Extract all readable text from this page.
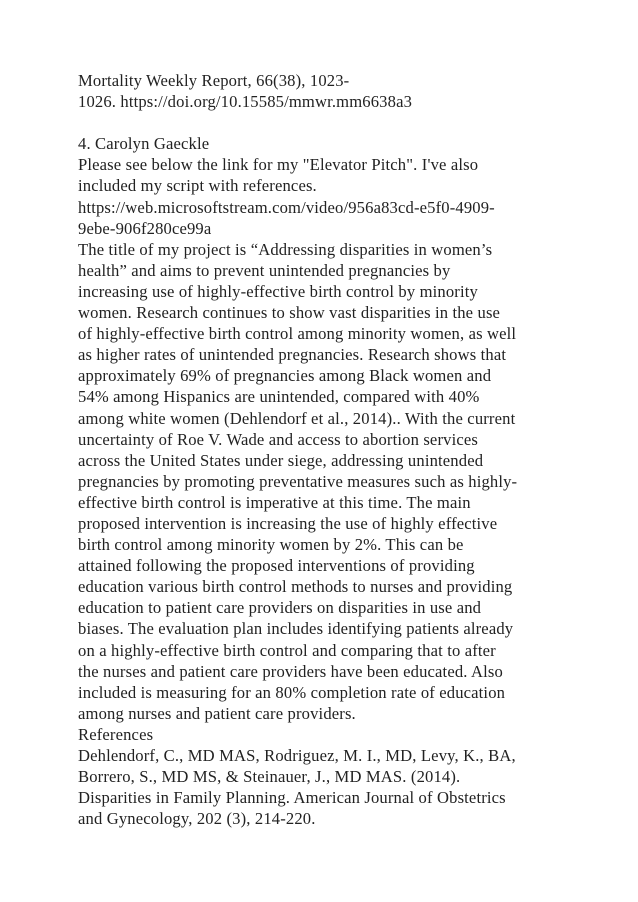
Mortality Weekly Report, 66(38), 1023-
1026. https://doi.org/10.15585/mmwr.mm6638a3
4. Carolyn Gaeckle
Please see below the link for my "Elevator Pitch". I've also
included my script with references.
https://web.microsoftstream.com/video/956a83cd-e5f0-4909-
9ebe-906f280ce99a
The title of my project is “Addressing disparities in women’s
health” and aims to prevent unintended pregnancies by
increasing use of highly-effective birth control by minority
women. Research continues to show vast disparities in the use
of highly-effective birth control among minority women, as well
as higher rates of unintended pregnancies. Research shows that
approximately 69% of pregnancies among Black women and
54% among Hispanics are unintended, compared with 40%
among white women (Dehlendorf et al., 2014).. With the current
uncertainty of Roe V. Wade and access to abortion services
across the United States under siege, addressing unintended
pregnancies by promoting preventative measures such as highly-
effective birth control is imperative at this time. The main
proposed intervention is increasing the use of highly effective
birth control among minority women by 2%. This can be
attained following the proposed interventions of providing
education various birth control methods to nurses and providing
education to patient care providers on disparities in use and
biases. The evaluation plan includes identifying patients already
on a highly-effective birth control and comparing that to after
the nurses and patient care providers have been educated. Also
included is measuring for an 80% completion rate of education
among nurses and patient care providers.
References
Dehlendorf, C., MD MAS, Rodriguez, M. I., MD, Levy, K., BA,
Borrero, S., MD MS, & Steinauer, J., MD MAS. (2014).
Disparities in Family Planning. American Journal of Obstetrics
and Gynecology, 202 (3), 214-220.
